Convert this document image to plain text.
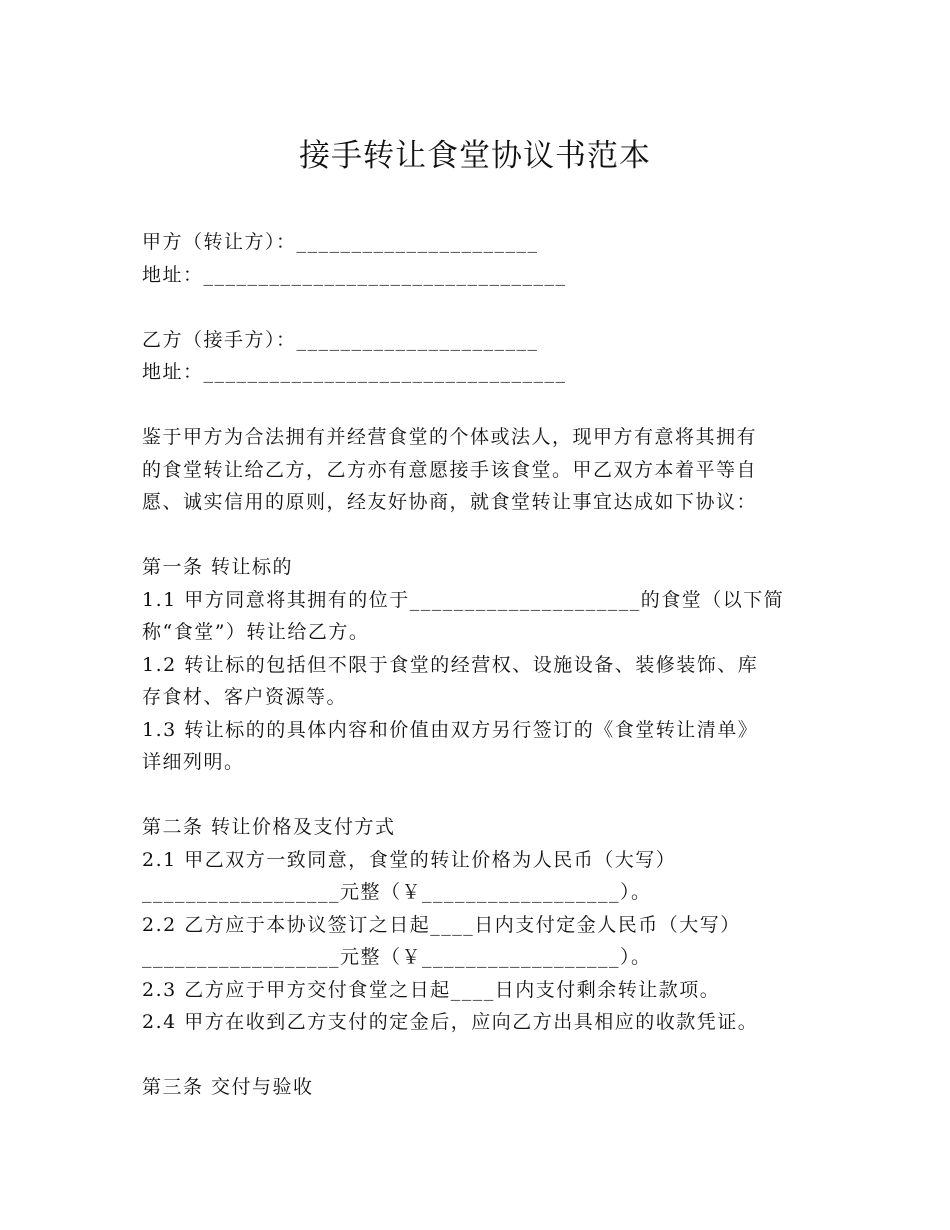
接手转让食堂协议书范本
甲方（转让方）：______________________
地址：_________________________________
乙方（接手方）：______________________
地址：_________________________________
鉴于甲方为合法拥有并经营食堂的个体或法人，现甲方有意将其拥有
的食堂转让给乙方，乙方亦有意愿接手该食堂。甲乙双方本着平等自
愿、诚实信用的原则，经友好协商，就食堂转让事宜达成如下协议：
第一条 转让标的
1.1 甲方同意将其拥有的位于_____________________的食堂（以下简
称“食堂”）转让给乙方。
1.2 转让标的包括但不限于食堂的经营权、设施设备、装修装饰、库
存食材、客户资源等。
1.3 转让标的的具体内容和价值由双方另行签订的《食堂转让清单》
详细列明。
第二条 转让价格及支付方式
2.1 甲乙双方一致同意，食堂的转让价格为人民币（大写）
__________________元整（￥__________________）。
2.2 乙方应于本协议签订之日起____日内支付定金人民币（大写）
__________________元整（￥__________________）。
2.3 乙方应于甲方交付食堂之日起____日内支付剩余转让款项。
2.4 甲方在收到乙方支付的定金后，应向乙方出具相应的收款凭证。
第三条 交付与验收
